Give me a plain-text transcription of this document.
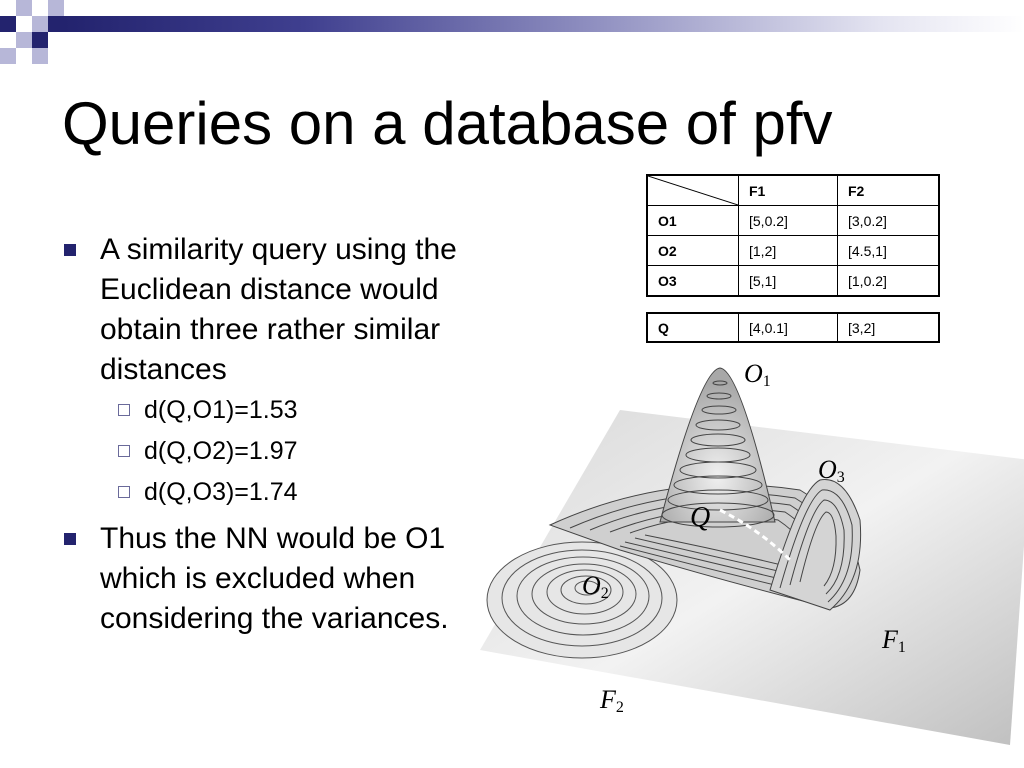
Queries on a database of pfv
A similarity query using the Euclidean distance would obtain three rather similar distances
d(Q,O1)=1.53
d(Q,O2)=1.97
d(Q,O3)=1.74
Thus the NN would be O1 which is excluded when considering the variances.
	F1	F2
O1	[5,0.2]	[3,0.2]
O2	[1,2]	[4.5,1]
O3	[5,1]	[1,0.2]
Q	[4,0.1]	[3,2]
O1
O3
Q
O2
F1
F2
